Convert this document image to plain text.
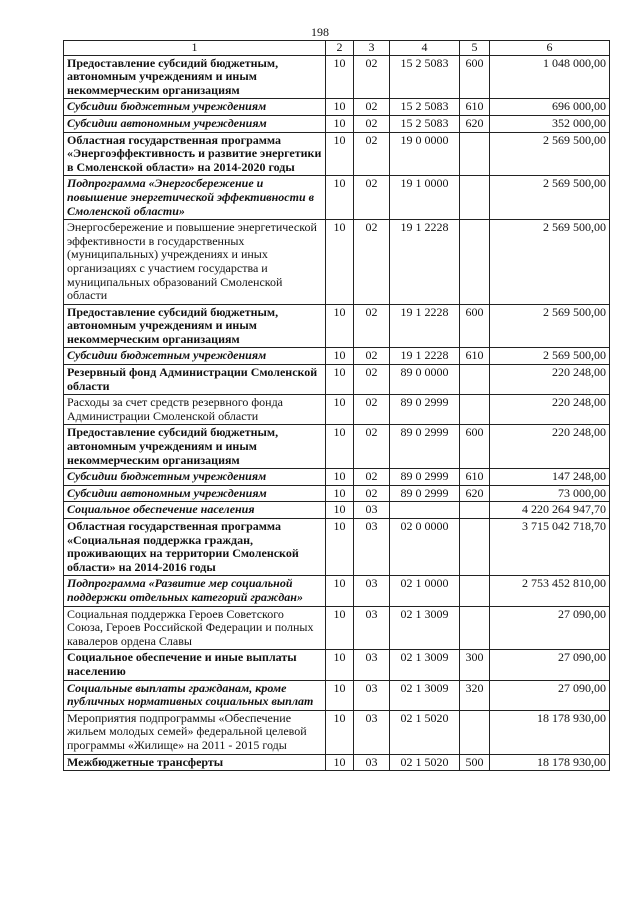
198
1	2	3	4	5	6
Предоставление субсидий бюджетным, автономным учреждениям и иным некоммерческим организациям	10	02	15 2 5083	600	1 048 000,00
Субсидии бюджетным учреждениям	10	02	15 2 5083	610	696 000,00
Субсидии автономным учреждениям	10	02	15 2 5083	620	352 000,00
Областная государственная программа «Энергоэффективность и развитие энергетики в Смоленской области» на 2014-2020 годы	10	02	19 0 0000		2 569 500,00
Подпрограмма «Энергосбережение и повышение энергетической эффективности в Смоленской области»	10	02	19 1 0000		2 569 500,00
Энергосбережение и повышение энергетической эффективности в государственных (муниципальных) учреждениях и иных организациях с участием государства и муниципальных образований Смоленской области	10	02	19 1 2228		2 569 500,00
Предоставление субсидий бюджетным, автономным учреждениям и иным некоммерческим организациям	10	02	19 1 2228	600	2 569 500,00
Субсидии бюджетным учреждениям	10	02	19 1 2228	610	2 569 500,00
Резервный фонд Администрации Смоленской области	10	02	89 0 0000		220 248,00
Расходы за счет средств резервного фонда Администрации Смоленской области	10	02	89 0 2999		220 248,00
Предоставление субсидий бюджетным, автономным учреждениям и иным некоммерческим организациям	10	02	89 0 2999	600	220 248,00
Субсидии бюджетным учреждениям	10	02	89 0 2999	610	147 248,00
Субсидии автономным учреждениям	10	02	89 0 2999	620	73 000,00
Социальное обеспечение населения	10	03			4 220 264 947,70
Областная государственная программа «Социальная поддержка граждан, проживающих на территории Смоленской области» на 2014-2016 годы	10	03	02 0 0000		3 715 042 718,70
Подпрограмма «Развитие мер социальной поддержки отдельных категорий граждан»	10	03	02 1 0000		2 753 452 810,00
Социальная поддержка Героев Советского Союза, Героев Российской Федерации и полных кавалеров ордена Славы	10	03	02 1 3009		27 090,00
Социальное обеспечение и иные выплаты населению	10	03	02 1 3009	300	27 090,00
Социальные выплаты гражданам, кроме публичных нормативных социальных выплат	10	03	02 1 3009	320	27 090,00
Мероприятия подпрограммы «Обеспечение жильем молодых семей» федеральной целевой программы «Жилище» на 2011 - 2015 годы	10	03	02 1 5020		18 178 930,00
Межбюджетные трансферты	10	03	02 1 5020	500	18 178 930,00
